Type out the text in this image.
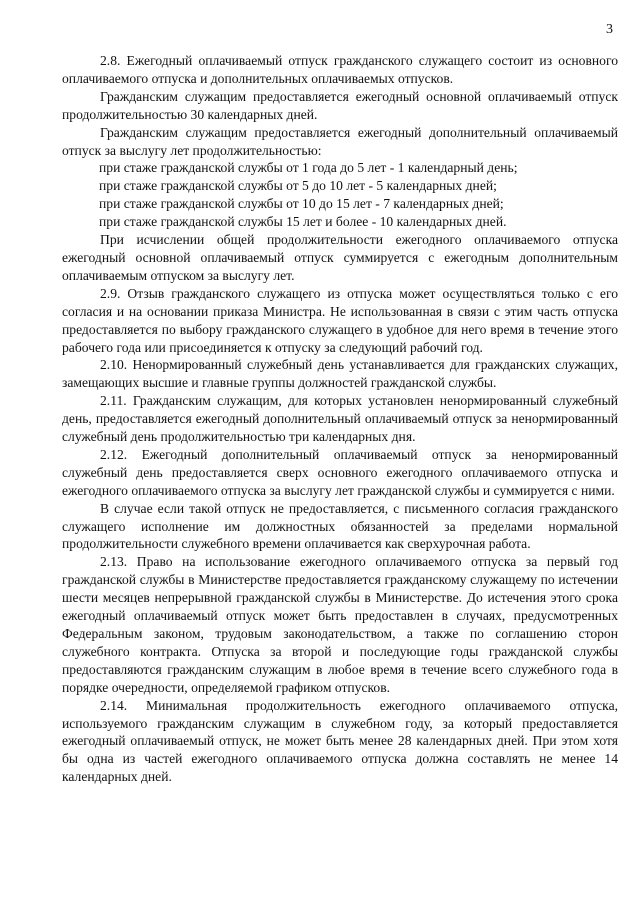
3

2.8. Ежегодный оплачиваемый отпуск гражданского служащего состоит из основного оплачиваемого отпуска и дополнительных оплачиваемых отпусков.

Гражданским служащим предоставляется ежегодный основной оплачиваемый отпуск продолжительностью 30 календарных дней.

Гражданским служащим предоставляется ежегодный дополнительный оплачиваемый отпуск за выслугу лет продолжительностью:

при стаже гражданской службы от 1 года до 5 лет - 1 календарный день;

при стаже гражданской службы от 5 до 10 лет - 5 календарных дней;

при стаже гражданской службы от 10 до 15 лет - 7 календарных дней;

при стаже гражданской службы 15 лет и более - 10 календарных дней.

При исчислении общей продолжительности ежегодного оплачиваемого отпуска ежегодный основной оплачиваемый отпуск суммируется с ежегодным дополнительным оплачиваемым отпуском за выслугу лет.

2.9. Отзыв гражданского служащего из отпуска может осуществляться только с его согласия и на основании приказа Министра. Не использованная в связи с этим часть отпуска предоставляется по выбору гражданского служащего в удобное для него время в течение этого рабочего года или присоединяется к отпуску за следующий рабочий год.

2.10. Ненормированный служебный день устанавливается для гражданских служащих, замещающих высшие и главные группы должностей гражданской службы.

2.11. Гражданским служащим, для которых установлен ненормированный служебный день, предоставляется ежегодный дополнительный оплачиваемый отпуск за ненормированный служебный день продолжительностью три календарных дня.

2.12. Ежегодный дополнительный оплачиваемый отпуск за ненормированный служебный день предоставляется сверх основного ежегодного оплачиваемого отпуска и ежегодного оплачиваемого отпуска за выслугу лет гражданской службы и суммируется с ними.

В случае если такой отпуск не предоставляется, с письменного согласия гражданского служащего исполнение им должностных обязанностей за пределами нормальной продолжительности служебного времени оплачивается как сверхурочная работа.

2.13. Право на использование ежегодного оплачиваемого отпуска за первый год гражданской службы в Министерстве предоставляется гражданскому служащему по истечении шести месяцев непрерывной гражданской службы в Министерстве. До истечения этого срока ежегодный оплачиваемый отпуск может быть предоставлен в случаях, предусмотренных Федеральным законом, трудовым законодательством, а также по соглашению сторон служебного контракта. Отпуска за второй и последующие годы гражданской службы предоставляются гражданским служащим в любое время в течение всего служебного года в порядке очередности, определяемой графиком отпусков.

2.14. Минимальная продолжительность ежегодного оплачиваемого отпуска, используемого гражданским служащим в служебном году, за который предоставляется ежегодный оплачиваемый отпуск, не может быть менее 28 календарных дней. При этом хотя бы одна из частей ежегодного оплачиваемого отпуска должна составлять не менее 14 календарных дней.
